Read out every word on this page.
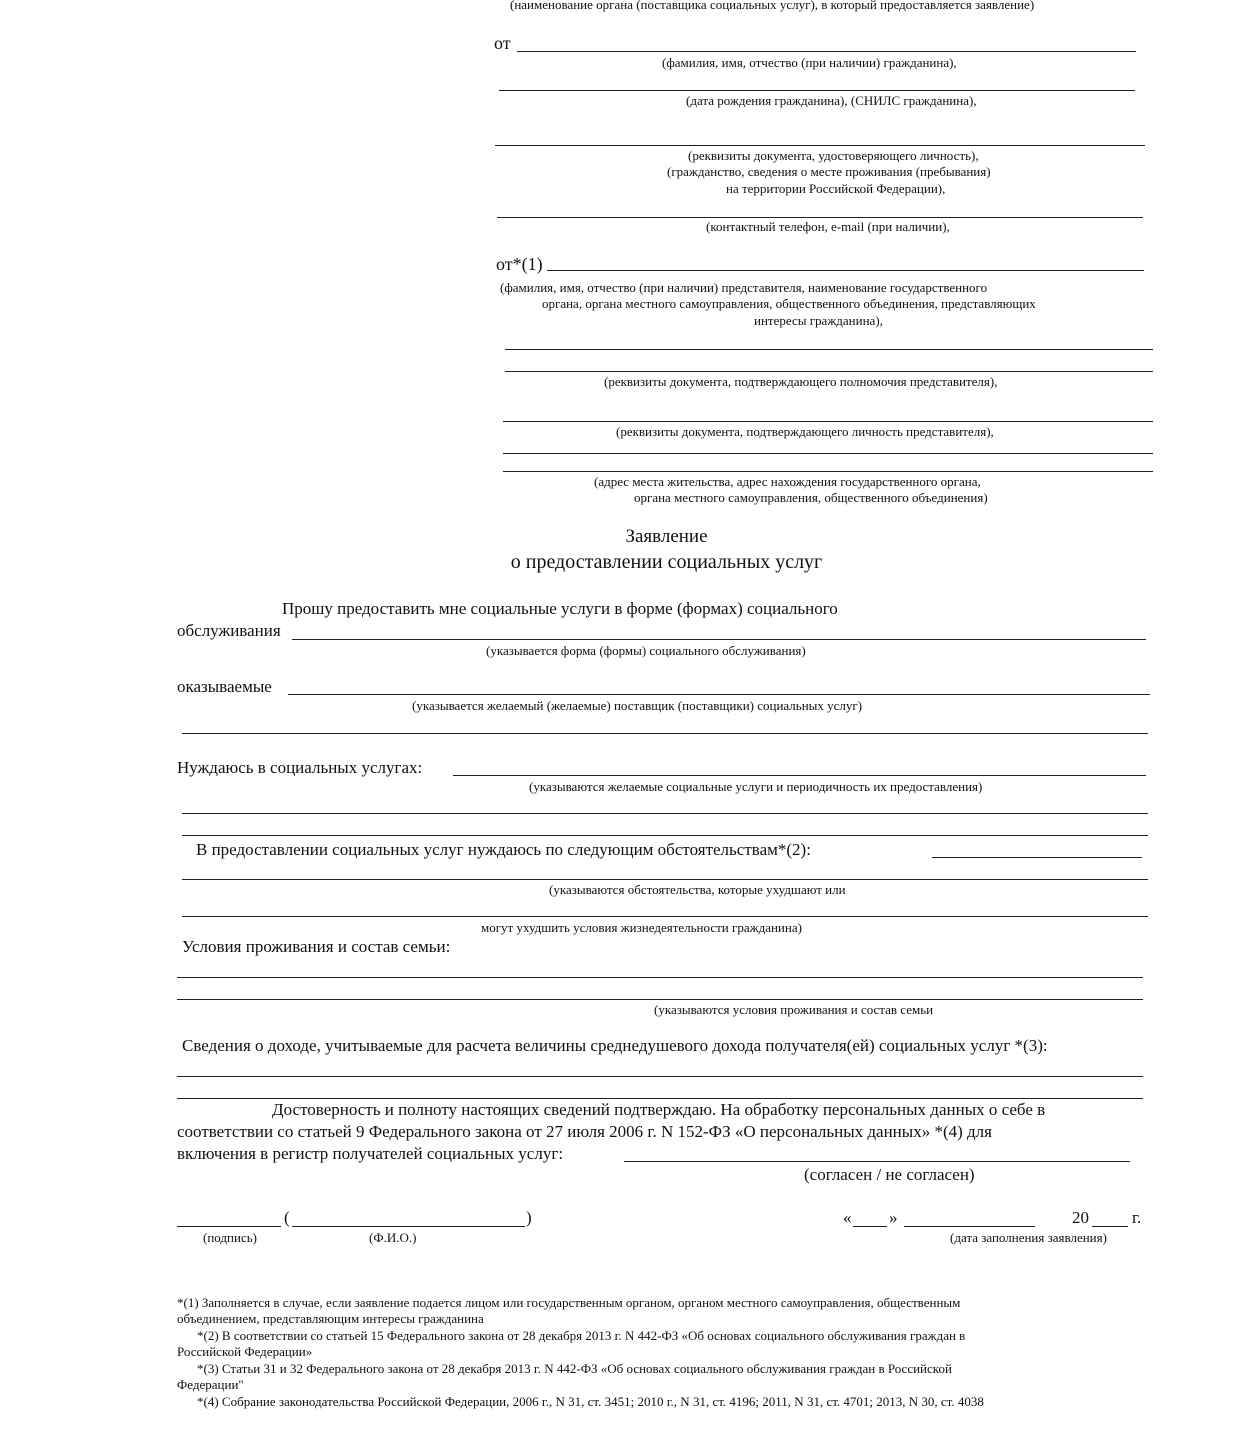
(наименование органа (поставщика социальных услуг), в который предоставляется заявление)
от
(фамилия, имя, отчество (при наличии) гражданина),
(дата рождения гражданина), (СНИЛС гражданина),
(реквизиты документа, удостоверяющего личность),
(гражданство, сведения о месте проживания (пребывания)
на территории Российской Федерации),
(контактный телефон, e-mail (при наличии),
от*(1)
(фамилия, имя, отчество (при наличии) представителя, наименование государственного
органа, органа местного самоуправления, общественного объединения, представляющих
интересы гражданина),
(реквизиты документа, подтверждающего полномочия представителя),
(реквизиты документа, подтверждающего личность представителя),
(адрес места жительства, адрес нахождения государственного органа,
органа местного самоуправления, общественного объединения)
Заявление
о предоставлении социальных услуг
Прошу предоставить мне социальные услуги в форме (формах) социального
обслуживания
(указывается форма (формы) социального обслуживания)
оказываемые
(указывается желаемый (желаемые) поставщик (поставщики) социальных услуг)
Нуждаюсь в социальных услугах:
(указываются желаемые социальные услуги и периодичность их предоставления)
В предоставлении социальных услуг нуждаюсь по следующим обстоятельствам*(2):
(указываются обстоятельства, которые ухудшают или
могут ухудшить условия жизнедеятельности гражданина)
Условия проживания и состав семьи:
(указываются условия проживания и состав семьи
Сведения о доходе, учитываемые для расчета величины среднедушевого дохода получателя(ей) социальных услуг *(3):
Достоверность и полноту настоящих сведений подтверждаю. На обработку персональных данных о себе в
соответствии со статьей 9 Федерального закона от 27 июля 2006 г. N 152-ФЗ «О персональных данных» *(4) для
включения в регистр получателей социальных услуг:
(согласен / не согласен)
(	)
(подпись)	(Ф.И.О.)
« »	20	г.
(дата заполнения заявления)
*(1) Заполняется в случае, если заявление подается лицом или государственным органом, органом местного самоуправления, общественным
объединением, представляющим интересы гражданина
*(2) В соответствии со статьей 15 Федерального закона от 28 декабря 2013 г. N 442-ФЗ «Об основах социального обслуживания граждан в
Российской Федерации»
*(3) Статьи 31 и 32 Федерального закона от 28 декабря 2013 г. N 442-ФЗ «Об основах социального обслуживания граждан в Российской
Федерации"
*(4) Собрание законодательства Российской Федерации, 2006 г., N 31, ст. 3451; 2010 г., N 31, ст. 4196; 2011, N 31, ст. 4701; 2013, N 30, ст. 4038
